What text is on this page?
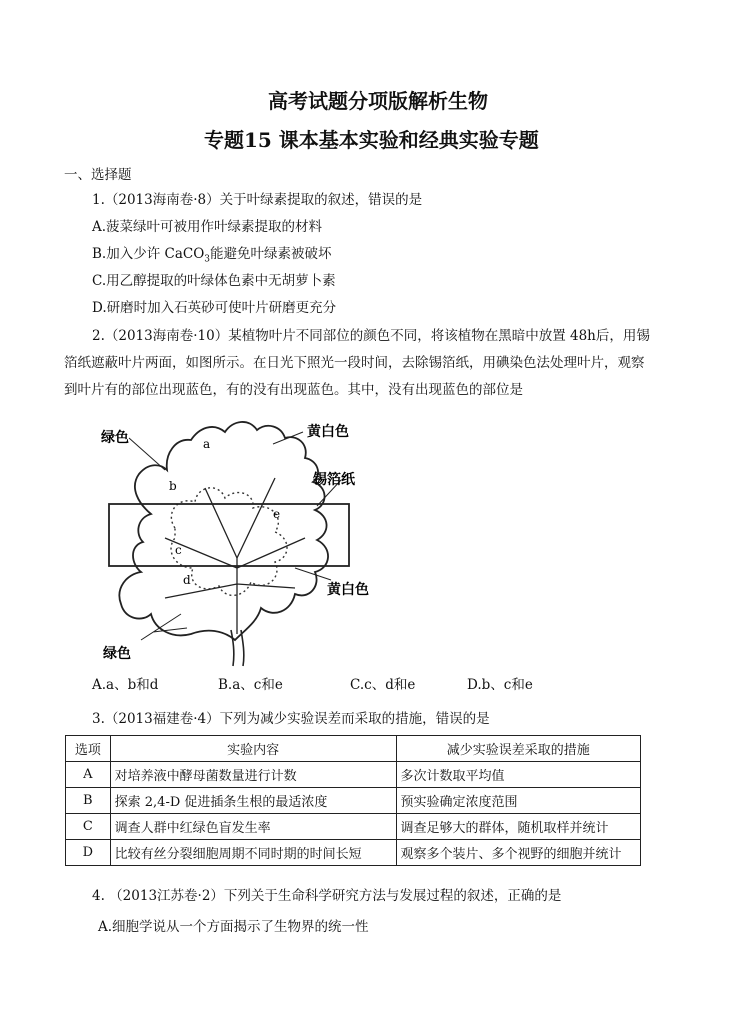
高考试题分项版解析生物
专题15 课本基本实验和经典实验专题
一、选择题
1.（2013海南卷·8）关于叶绿素提取的叙述，错误的是
A.菠菜绿叶可被用作叶绿素提取的材料
B.加入少许 CaCO$_3$能避免叶绿素被破坏
C.用乙醇提取的叶绿体色素中无胡萝卜素
D.研磨时加入石英砂可使叶片研磨更充分
2.（2013海南卷·10）某植物叶片不同部位的颜色不同，将该植物在黑暗中放置 48h后，用锡
箔纸遮蔽叶片两面，如图所示。在日光下照光一段时间，去除锡箔纸，用碘染色法处理叶片，观察
到叶片有的部位出现蓝色，有的没有出现蓝色。其中，没有出现蓝色的部位是
a
b
c
d
e
绿色	黄白色
锡箔纸
黄白色
绿色
A.a、b和d	B.a、c和e	C.c、d和e	D.b、c和e
3.（2013福建卷·4）下列为减少实验误差而采取的措施，错误的是
选项	实验内容	减少实验误差采取的措施
A	对培养液中酵母菌数量进行计数	多次计数取平均值
B	探索 2,4-D 促进插条生根的最适浓度	预实验确定浓度范围
C	调查人群中红绿色盲发生率	调查足够大的群体，随机取样并统计
D	比较有丝分裂细胞周期不同时期的时间长短	观察多个装片、多个视野的细胞并统计
4. （2013江苏卷·2）下列关于生命科学研究方法与发展过程的叙述，正确的是
A.细胞学说从一个方面揭示了生物界的统一性
